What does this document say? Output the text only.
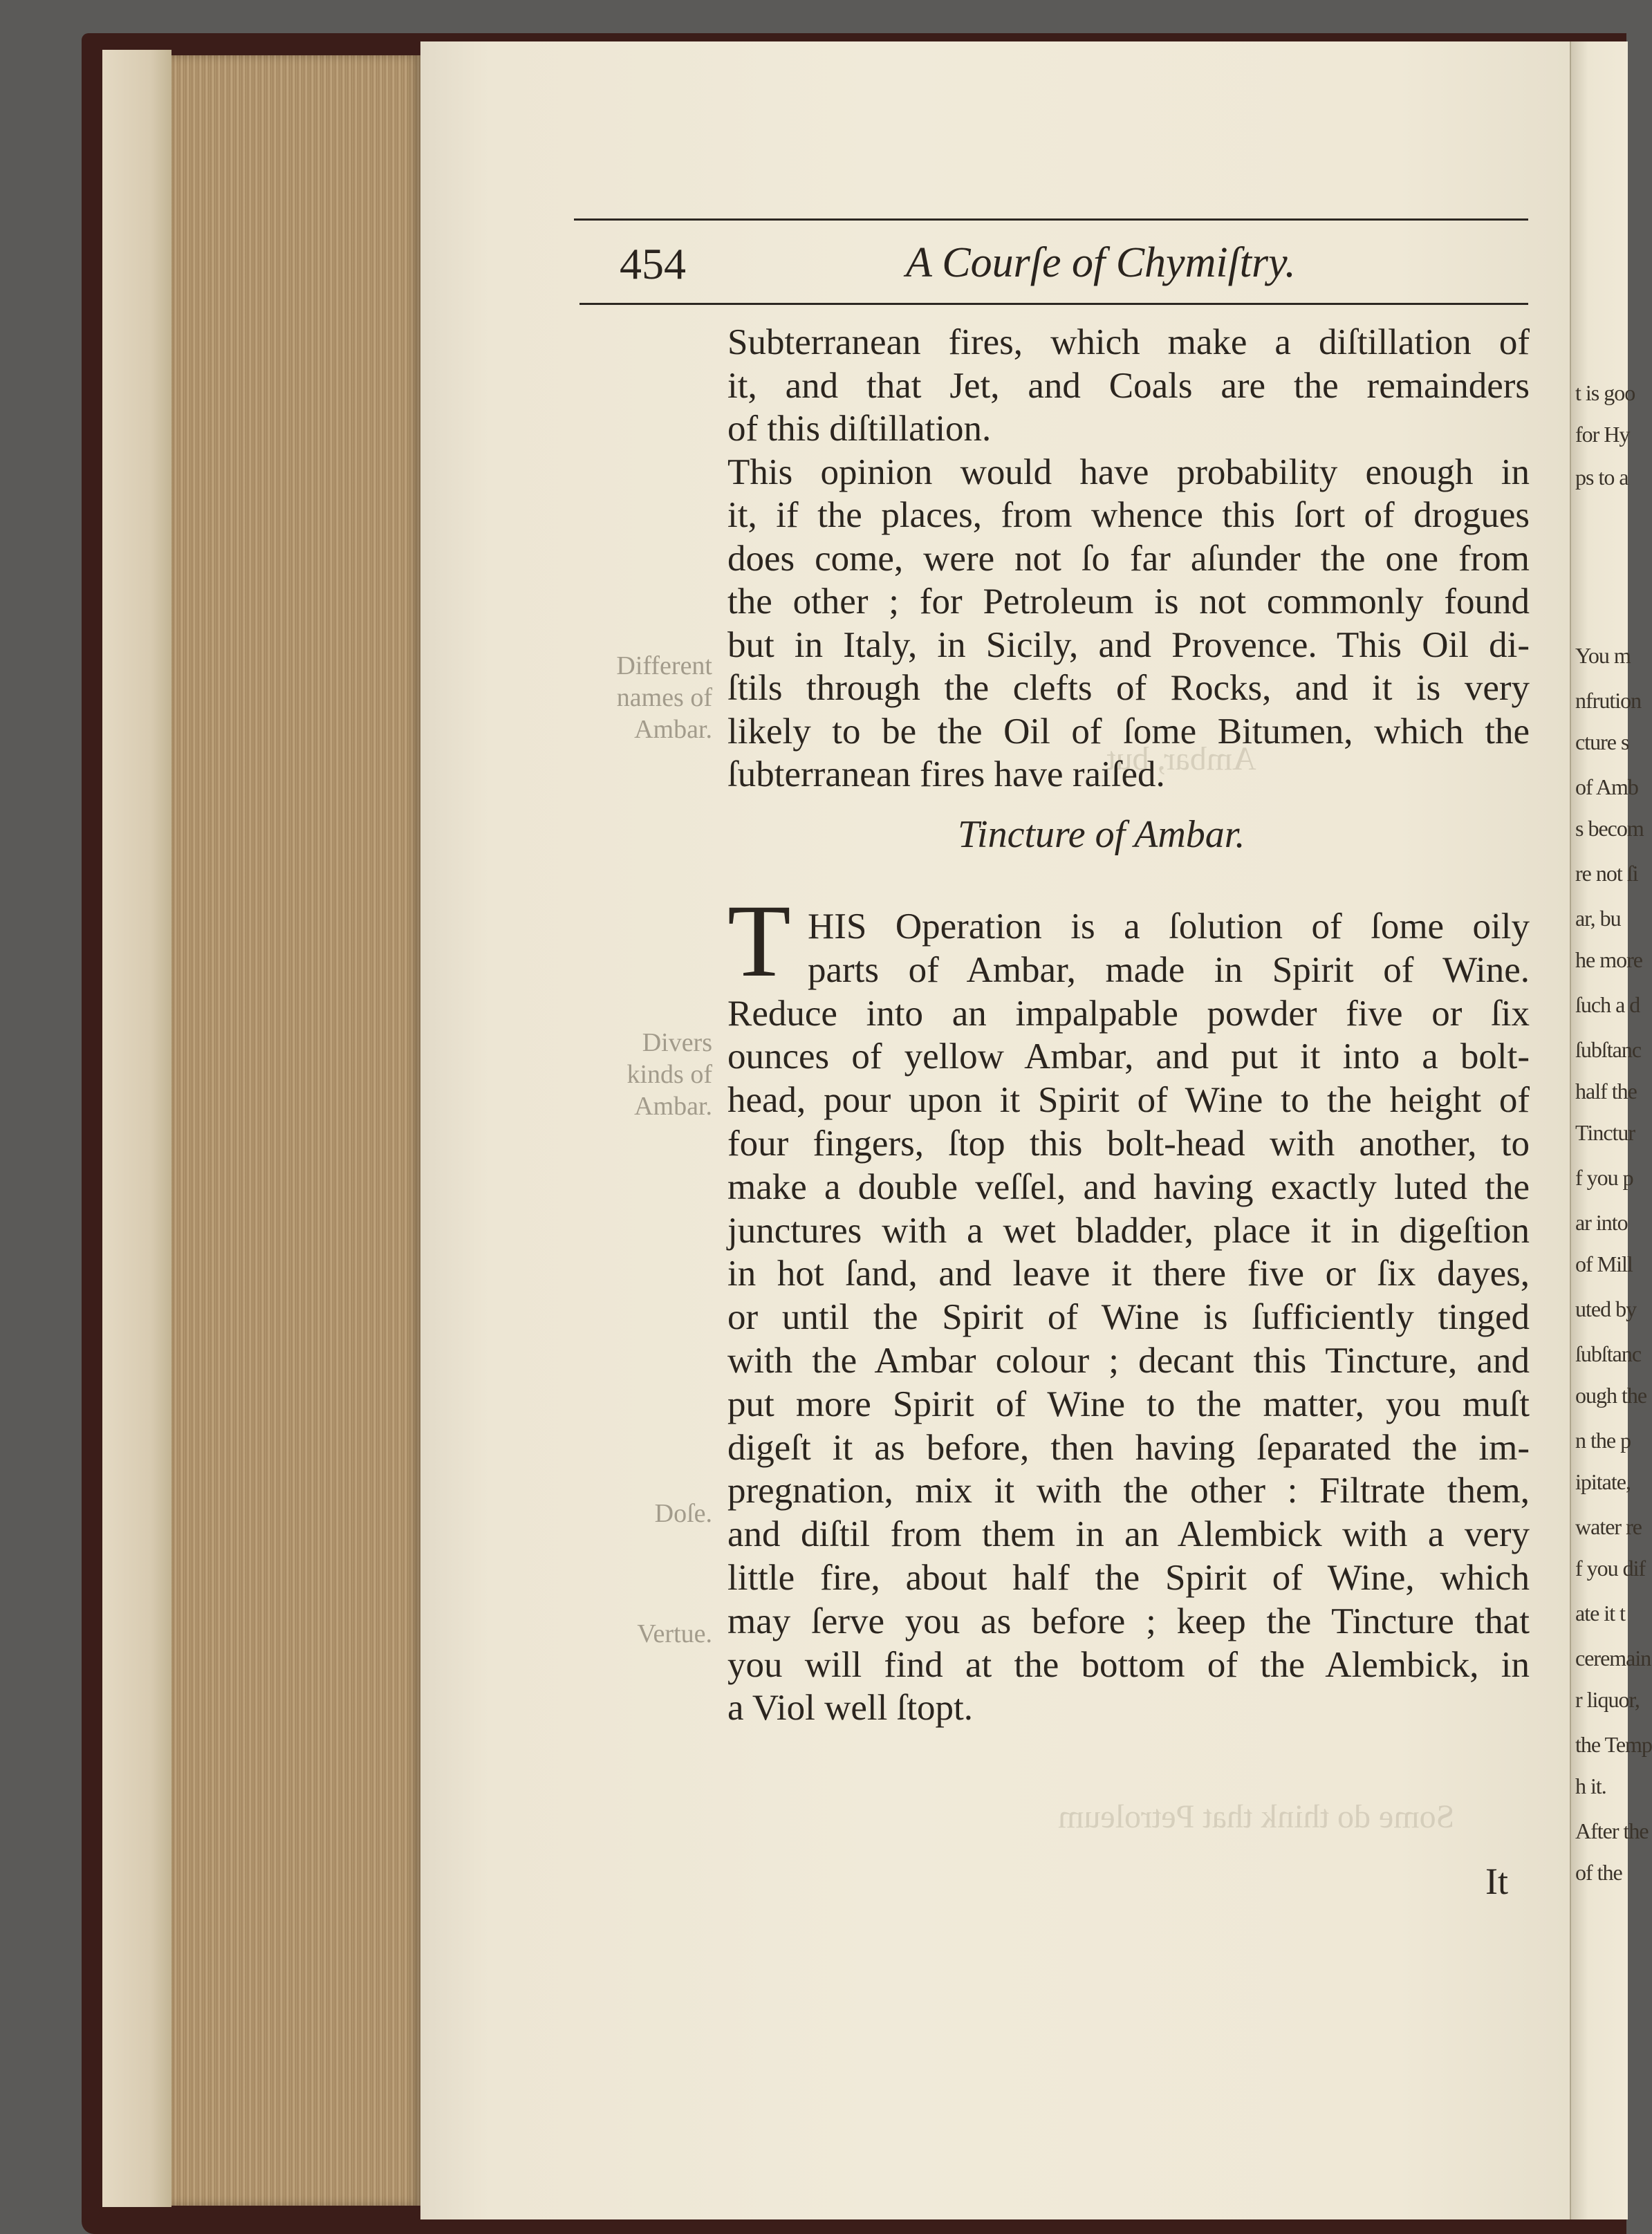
Ambar, but
Some do think that Petroleum
454	A Courſe of Chymiſtry.
Subterranean fires, which make a diſtillation of
it, and that Jet, and Coals are the remainders
of this diſtillation.
This opinion would have probability enough in
it, if the places, from whence this ſort of drogues
does come, were not ſo far aſunder the one from
the other ; for Petroleum is not commonly found
but in Italy, in Sicily, and Provence. This Oil di-
ſtils through the clefts of Rocks, and it is very
likely to be the Oil of ſome Bitumen, which the
ſubterranean fires have raiſed.
Tincture of Ambar.
T HIS Operation is a ſolution of ſome oily
parts of Ambar, made in Spirit of Wine.
Reduce into an impalpable powder five or ſix
ounces of yellow Ambar, and put it into a bolt-
head, pour upon it Spirit of Wine to the height of
four fingers, ſtop this bolt-head with another, to
make a double veſſel, and having exactly luted the
junctures with a wet bladder, place it in digeſtion
in hot ſand, and leave it there five or ſix dayes,
or until the Spirit of Wine is ſufficiently tinged
with the Ambar colour ; decant this Tincture, and
put more Spirit of Wine to the matter, you muſt
digeſt it as before, then having ſeparated the im-
pregnation, mix it with the other : Filtrate them,
and diſtil from them in an Alembick with a very
little fire, about half the Spirit of Wine, which
may ſerve you as before ; keep the Tincture that
you will find at the bottom of the Alembick, in
a Viol well ſtopt.
Different
names of
Ambar.
Divers
kinds of
Ambar.
Doſe.
Vertue.
It
t is goo
for Hy
ps to a
You m
nfrution
cture s
of Amb
s becom
re not ſi
ar, bu
he more
ſuch a d
ſubſtanc
half the
Tinctur
f you p
ar into
of Mill
uted by
ſubſtanc
ough the
n the p
ipitate,
water re
f you dif
ate it t
ceremain
r liquor,
the Temp
h it.
After the
of the
